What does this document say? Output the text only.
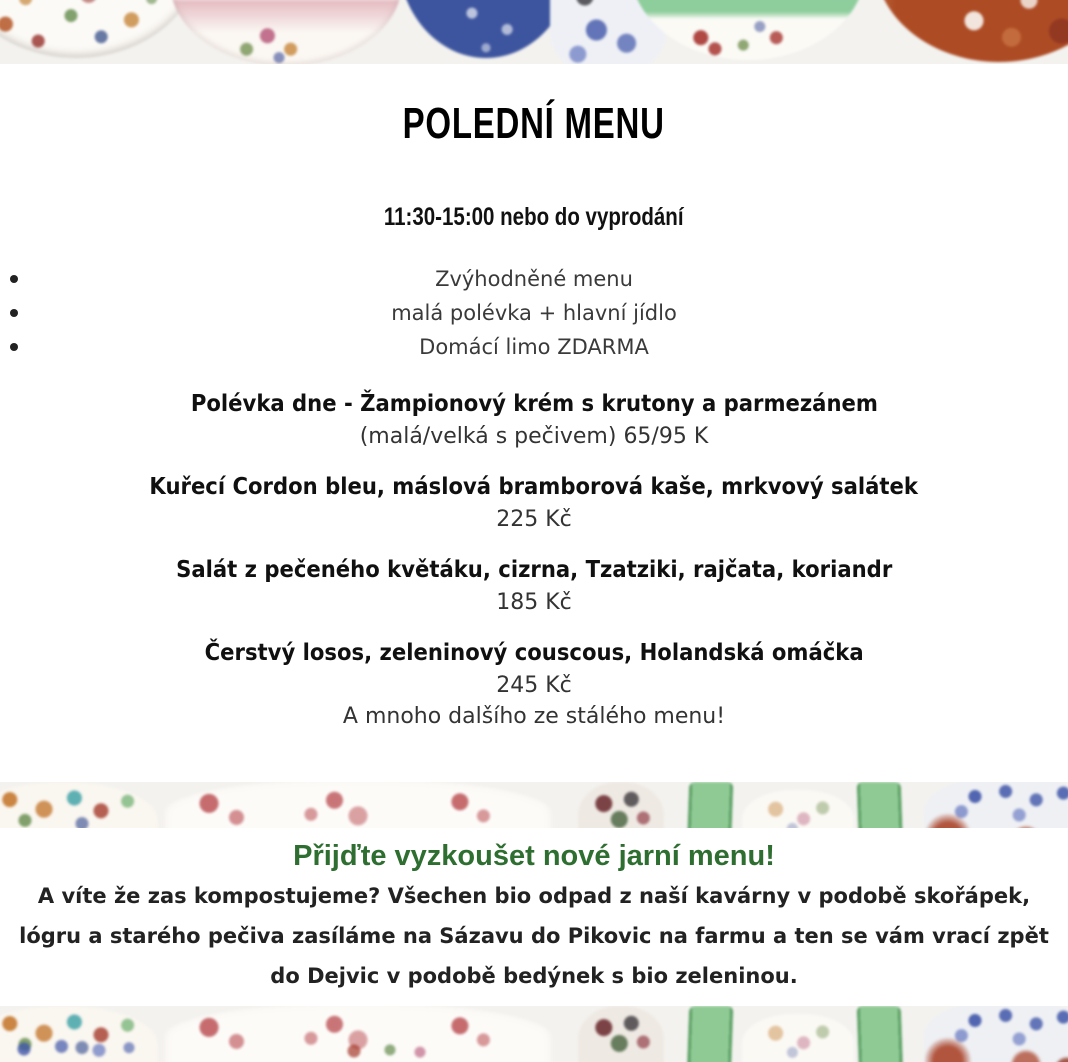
POLEDNÍ MENU
11:30-15:00 nebo do vyprodání
Zvýhodněné menu
malá polévka + hlavní jídlo
Domácí limo ZDARMA
Polévka dne - Žampionový krém s krutony a parmezánem
(malá/velká s pečivem) 65/95 K
Kuřecí Cordon bleu, máslová bramborová kaše, mrkvový salátek
225 Kč
Salát z pečeného květáku, cizrna, Tzatziki, rajčata, koriandr
185 Kč
Čerstvý losos, zeleninový couscous, Holandská omáčka
245 Kč
A mnoho dalšího ze stálého menu!
Přijďte vyzkoušet nové jarní menu!
A víte že zas kompostujeme? Všechen bio odpad z naší kavárny v podobě skořápek,
lógru a starého pečiva zasíláme na Sázavu do Pikovic na farmu a ten se vám vrací zpět
do Dejvic v podobě bedýnek s bio zeleninou.
